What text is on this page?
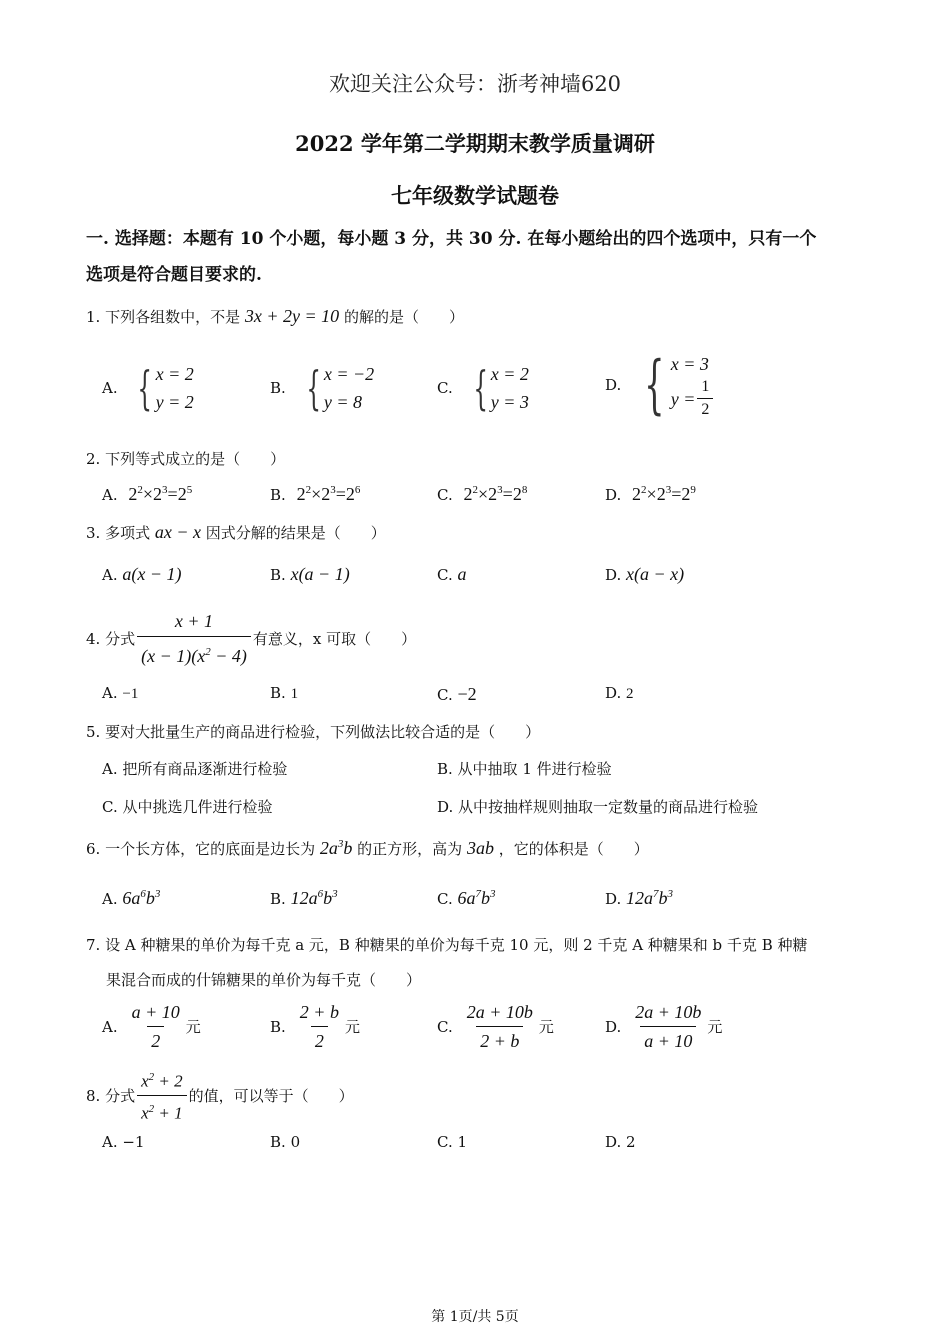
欢迎关注公众号：浙考神墙620
2022 学年第二学期期末教学质量调研
七年级数学试题卷
一. 选择题：本题有 10 个小题，每小题 3 分，共 30 分. 在每小题给出的四个选项中，只有一个
选项是符合题目要求的.
1. 下列各组数中，不是 3x + 2y = 10 的解的是（　　）
A. { x = 2
y = 2
B. { x = −2
y = 8
C. { x = 2
y = 3
D. { x = 3
$y = \frac{1}{2}$
2. 下列等式成立的是（　　）
A. $2^2\times 2^3=2^5$	B. $2^2\times 2^3=2^6$	C. $2^2\times 2^3=2^8$	D. $2^2\times 2^3=2^9$
3. 多项式 ax − x 因式分解的结果是（　　）
A. a(x − 1)	B. x(a − 1)	C. a	D. x(a − x)
4. 分式 $\frac{x + 1}{(x - 1)(x^2 - 4)}$ 有意义，x 可取（　　）
A. −1	B. 1	C. −2	D. 2
5. 要对大批量生产的商品进行检验，下列做法比较合适的是（　　）
A. 把所有商品逐渐进行检验	B. 从中抽取 1 件进行检验
C. 从中挑选几件进行检验	D. 从中按抽样规则抽取一定数量的商品进行检验
6. 一个长方体，它的底面是边长为 $2a^3b$ 的正方形，高为 3ab ，它的体积是（　　）
A. $6a^6b^3$	B. $12a^6b^3$	C. $6a^7b^3$	D. $12a^7b^3$
7. 设 A 种糖果的单价为每千克 a 元，B 种糖果的单价为每千克 10 元，则 2 千克 A 种糖果和 b 千克 B 种糖
果混合而成的什锦糖果的单价为每千克（　　）
A. $\frac{a + 10}{2}$ 元	B. $\frac{2 + b}{2}$ 元	C. $\frac{2a + 10b}{2 + b}$ 元	D. $\frac{2a + 10b}{a + 10}$ 元
8. 分式 $\frac{x^2 + 2}{x^2 + 1}$ 的值，可以等于（　　）
A. −1	B. 0	C. 1	D. 2
第 1页/共 5页
